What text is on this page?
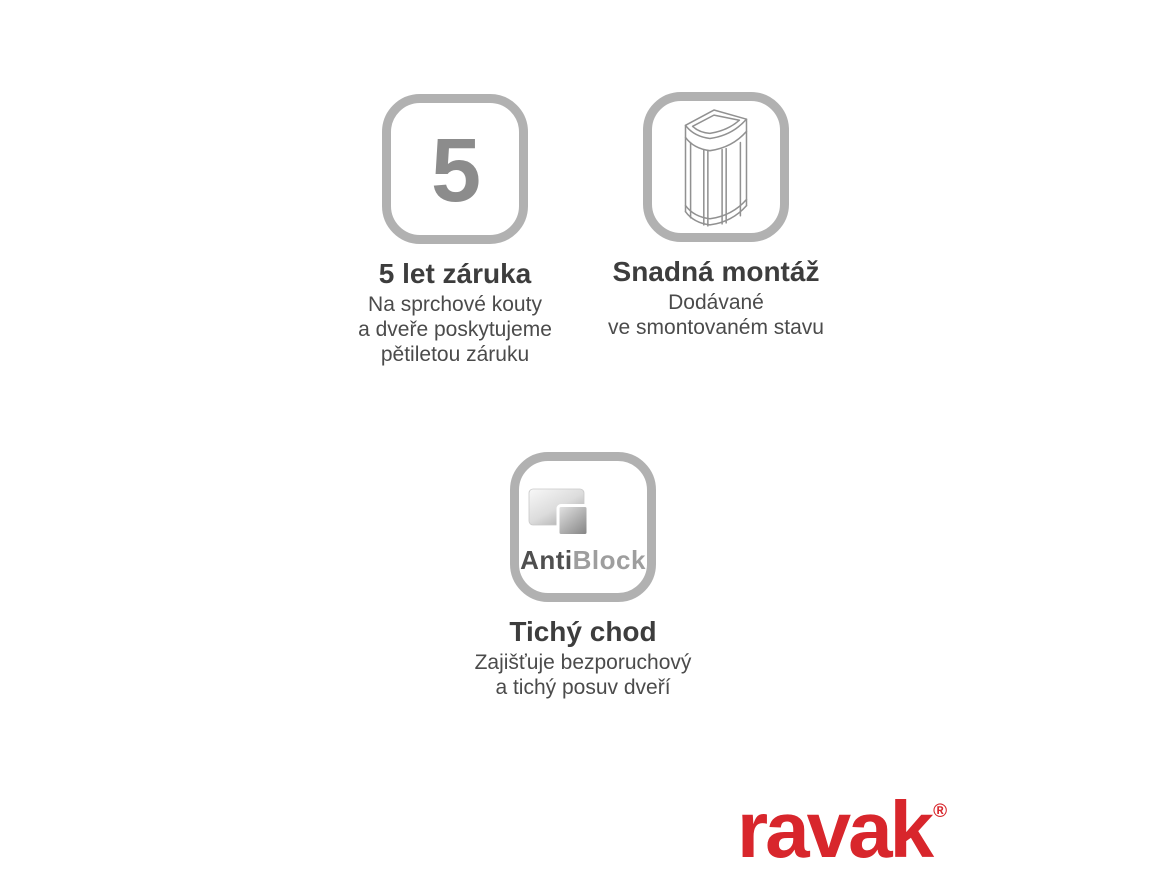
5
5 let záruka
Na sprchové kouty
a dveře poskytujeme
pětiletou záruku
Snadná montáž
Dodávané
ve smontovaném stavu
AntiBlock
Tichý chod
Zajišťuje bezporuchový
a tichý posuv dveří
ravak ®
